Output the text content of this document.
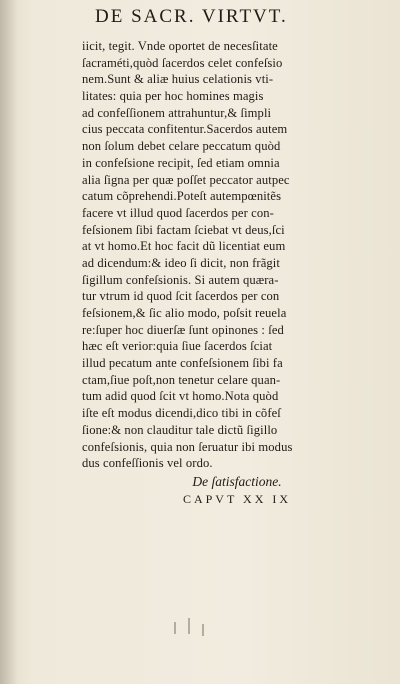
DE SACR. VIRTVT.
iicit, tegit. Vnde oportet de necesſitate
ſacraméti,quòd ſacerdos celet confeſsio
nem.Sunt & aliæ huius celationis vti-
litates: quia per hoc homines magis
ad confeſſionem attrahuntur,& ſimpli
cius peccata confitentur.Sacerdos autem
non ſolum debet celare peccatum quòd
in confeſsione recipit, ſed etiam omnia
alia ſigna per quæ poſſet peccator autpec
catum cõprehendi.Poteſt autempœnitẽs
facere vt illud quod ſacerdos per con-
feſsionem ſibi factam ſciebat vt deus,ſci
at vt homo.Et hoc facit dũ licentiat eum
ad dicendum:& ideo ſi dicit, non frãgit
ſigillum confeſsionis. Si autem quæra-
tur vtrum id quod ſcit ſacerdos per con
feſsionem,& ſic alio modo, poſsit reuela
re:ſuper hoc diuerſæ ſunt opinones : ſed
hæc eſt verior:quia ſiue ſacerdos ſciat
illud pecatum ante confeſsionem ſibi fa
ctam,ſiue poſt,non tenetur celare quan-
tum adid quod ſcit vt homo.Nota quòd
iſte eſt modus dicendi,dico tibi in cõfeſ
ſione:& non clauditur tale dictũ ſigillo
confeſsionis, quia non ſeruatur ibi modus
dus confeſſionis vel ordo.
De ſatisfactione.
CAPVT XX IX
